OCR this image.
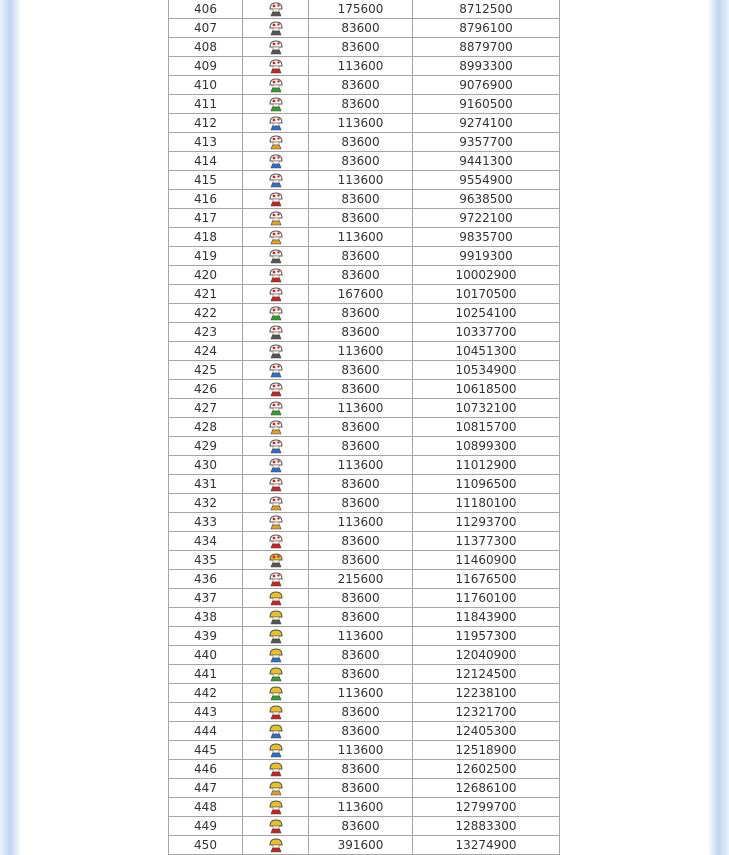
406		175600	8712500
407		83600	8796100
408		83600	8879700
409		113600	8993300
410		83600	9076900
411		83600	9160500
412		113600	9274100
413		83600	9357700
414		83600	9441300
415		113600	9554900
416		83600	9638500
417		83600	9722100
418		113600	9835700
419		83600	9919300
420		83600	10002900
421		167600	10170500
422		83600	10254100
423		83600	10337700
424		113600	10451300
425		83600	10534900
426		83600	10618500
427		113600	10732100
428		83600	10815700
429		83600	10899300
430		113600	11012900
431		83600	11096500
432		83600	11180100
433		113600	11293700
434		83600	11377300
435		83600	11460900
436		215600	11676500
437		83600	11760100
438		83600	11843900
439		113600	11957300
440		83600	12040900
441		83600	12124500
442		113600	12238100
443		83600	12321700
444		83600	12405300
445		113600	12518900
446		83600	12602500
447		83600	12686100
448		113600	12799700
449		83600	12883300
450		391600	13274900
